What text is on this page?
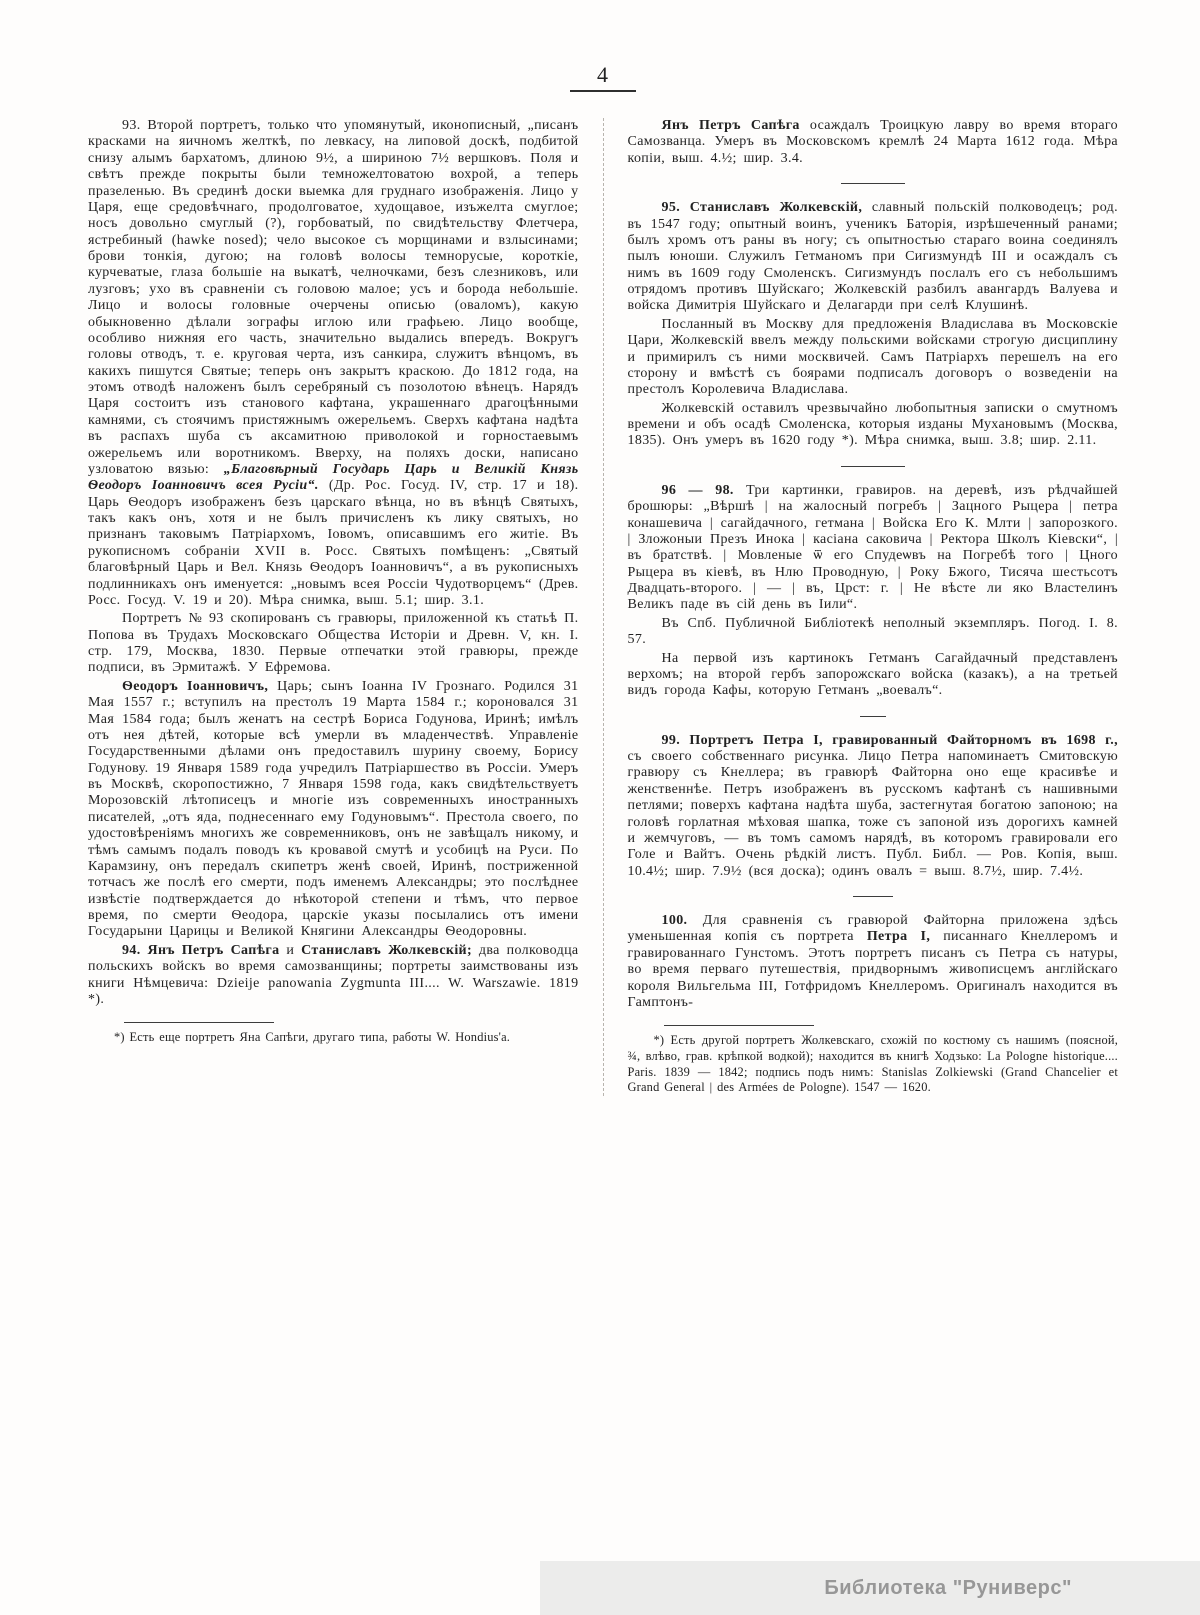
4

93. Второй портретъ, только что упомянутый, иконописный, „писанъ красками на яичномъ желткѣ, по левкасу, на липовой доскѣ, подбитой снизу алымъ бархатомъ, длиною 9½, а шириною 7½ вершковъ. Поля и свѣтъ прежде покрыты были темножелтоватою вохрой, а теперь празеленью. Въ срединѣ доски выемка для груднаго изображенія. Лицо у Царя, еще средовѣчнаго, продолговатое, худощавое, изъжелта смуглое; носъ довольно смуглый (?), горбоватый, по свидѣтельству Флетчера, ястребиный (hawke nosed); чело высокое съ морщинами и взлысинами; брови тонкія, дугою; на головѣ волосы темнорусые, короткіе, курчеватые, глаза большіе на выкатѣ, челночками, безъ слезниковъ, или лузговъ; ухо въ сравненіи съ головою малое; усъ и борода небольшіе. Лицо и волосы головные очерчены описью (оваломъ), какую обыкновенно дѣлали зографы иглою или графьею. Лицо вообще, особливо нижняя его часть, значительно выдались впередъ. Вокругъ головы отводъ, т. е. круговая черта, изъ санкира, служитъ вѣнцомъ, въ какихъ пишутся Святые; теперь онъ закрытъ краскою. До 1812 года, на этомъ отводѣ наложенъ былъ серебряный съ позолотою вѣнецъ. Нарядъ Царя состоитъ изъ станового кафтана, украшеннаго драгоцѣнными камнями, съ стоячимъ пристяжнымъ ожерельемъ. Сверхъ кафтана надѣта въ распахъ шуба съ аксамитною приволокой и горностаевымъ ожерельемъ или воротникомъ. Вверху, на поляхъ доски, написано узловатою вязью: „Благовѣрный Государь Царь и Великій Князь Ѳеодоръ Іоанновичъ всея Русіи“. (Др. Рос. Госуд. IV, стр. 17 и 18). Царь Ѳеодоръ изображенъ безъ царскаго вѣнца, но въ вѣнцѣ Святыхъ, такъ какъ онъ, хотя и не былъ причисленъ къ лику святыхъ, но признанъ таковымъ Патріархомъ, Іовомъ, описавшимъ его житіе. Въ рукописномъ собраніи XVII в. Росс. Святыхъ помѣщенъ: „Святый благовѣрный Царь и Вел. Князь Ѳеодоръ Іоанновичъ“, а въ рукописныхъ подлинникахъ онъ именуется: „новымъ всея Россіи Чудотворцемъ“ (Древ. Росс. Госуд. V. 19 и 20). Мѣра снимка, выш. 5.1; шир. 3.1.

Портретъ № 93 скопированъ съ гравюры, приложенной къ статьѣ П. Попова въ Трудахъ Московскаго Общества Исторіи и Древн. V, кн. I. стр. 179, Москва, 1830. Первые отпечатки этой гравюры, прежде подписи, въ Эрмитажѣ. У Ефремова.

Ѳеодоръ Іоанновичъ, Царь; сынъ Іоанна IV Грознаго. Родился 31 Мая 1557 г.; вступилъ на престолъ 19 Марта 1584 г.; короновался 31 Мая 1584 года; былъ женатъ на сестрѣ Бориса Годунова, Иринѣ; имѣлъ отъ нея дѣтей, которые всѣ умерли въ младенчествѣ. Управленіе Государственными дѣлами онъ предоставилъ шурину своему, Борису Годунову. 19 Января 1589 года учредилъ Патріаршество въ Россіи. Умеръ въ Москвѣ, скоропостижно, 7 Января 1598 года, какъ свидѣтельствуетъ Морозовскій лѣтописецъ и многіе изъ современныхъ иностранныхъ писателей, „отъ яда, поднесеннаго ему Годуновымъ“. Престола своего, по удостовѣреніямъ многихъ же современниковъ, онъ не завѣщалъ никому, и тѣмъ самымъ подалъ поводъ къ кровавой смутѣ и усобицѣ на Руси. По Карамзину, онъ передалъ скипетръ женѣ своей, Иринѣ, постриженной тотчасъ же послѣ его смерти, подъ именемъ Александры; это послѣднее извѣстіе подтверждается до нѣкоторой степени и тѣмъ, что первое время, по смерти Ѳеодора, царскіе указы посылались отъ имени Государыни Царицы и Великой Княгини Александры Ѳеодоровны.

94. Янъ Петръ Сапѣга и Станиславъ Жолкевскій; два полководца польскихъ войскъ во время самозванщины; портреты заимствованы изъ книги Нѣмцевича: Dzieije panowania Zygmunta III.... W. Warszawie. 1819 *).

*) Есть еще портретъ Яна Сапѣги, другаго типа, работы W. Hondius'a.

Янъ Петръ Сапѣга осаждалъ Троицкую лавру во время втораго Самозванца. Умеръ въ Московскомъ кремлѣ 24 Марта 1612 года. Мѣра копіи, выш. 4.½; шир. 3.4.

95. Станиславъ Жолкевскій, славный польскій полководецъ; род. въ 1547 году; опытный воинъ, ученикъ Баторія, изрѣшеченный ранами; былъ хромъ отъ раны въ ногу; съ опытностью стараго воина соединялъ пылъ юноши. Служилъ Гетманомъ при Сигизмундѣ III и осаждалъ съ нимъ въ 1609 году Смоленскъ. Сигизмундъ послалъ его съ небольшимъ отрядомъ противъ Шуйскаго; Жолкевскій разбилъ авангардъ Валуева и войска Димитрія Шуйскаго и Делагарди при селѣ Клушинѣ.

Посланный въ Москву для предложенія Владислава въ Московскіе Цари, Жолкевскій ввелъ между польскими войсками строгую дисциплину и примирилъ съ ними москвичей. Самъ Патріархъ перешелъ на его сторону и вмѣстѣ съ боярами подписалъ договоръ о возведеніи на престолъ Королевича Владислава.

Жолкевскій оставилъ чрезвычайно любопытныя записки о смутномъ времени и объ осадѣ Смоленска, которыя изданы Мухановымъ (Москва, 1835). Онъ умеръ въ 1620 году *). Мѣра снимка, выш. 3.8; шир. 2.11.

96 — 98. Три картинки, гравиров. на деревѣ, изъ рѣдчайшей брошюры: „Вѣршѣ | на жалосный погребъ | Зацного Рыцера | петра конашевича | сагайдачного, гетмана | Войска Его К. Млти | запорозкого. | Зложоныи Презъ Инока | касіана саковича | Ректора Школъ Кіевски“, | въ братствѣ. | Мовленые ѿ его Спудеѡвъ на Погребѣ того | Цного Рыцера въ кіевѣ, въ Нлю Проводную, | Року Бжого, Тисяча шестьсотъ Двадцать-второго. | — | въ, Црст: г. | Не вѣсте ли яко Властелинъ Великъ паде въ сій день въ Іили“.

Въ Спб. Публичной Библіотекѣ неполный экземпляръ. Погод. I. 8. 57.

На первой изъ картинокъ Гетманъ Сагайдачный представленъ верхомъ; на второй гербъ запорожскаго войска (казакъ), а на третьей видъ города Кафы, которую Гетманъ „воевалъ“.

99. Портретъ Петра I, гравированный Файторномъ въ 1698 г., съ своего собственнаго рисунка. Лицо Петра напоминаетъ Смитовскую гравюру съ Кнеллера; въ гравюрѣ Файторна оно еще красивѣе и женственнѣе. Петръ изображенъ въ русскомъ кафтанѣ съ нашивными петлями; поверхъ кафтана надѣта шуба, застегнутая богатою запоною; на головѣ горлатная мѣховая шапка, тоже съ запоной изъ дорогихъ камней и жемчуговъ, — въ томъ самомъ нарядѣ, въ которомъ гравировали его Голе и Вайтъ. Очень рѣдкій листъ. Публ. Библ. — Ров. Копія, выш. 10.4½; шир. 7.9½ (вся доска); одинъ овалъ = выш. 8.7½, шир. 7.4½.

100. Для сравненія съ гравюрой Файторна приложена здѣсь уменьшенная копія съ портрета Петра I, писаннаго Кнеллеромъ и гравированнаго Гунстомъ. Этотъ портретъ писанъ съ Петра съ натуры, во время перваго путешествія, придворнымъ живописцемъ англійскаго короля Вильгельма III, Готфридомъ Кнеллеромъ. Оригиналъ находится въ Гамптонъ-

*) Есть другой портретъ Жолкевскаго, схожій по костюму съ нашимъ (поясной, ¾, влѣво, грав. крѣпкой водкой); находится въ книгѣ Ходзько: La Pologne historique.... Paris. 1839 — 1842; подпись подъ нимъ: Stanislas Zolkiewski (Grand Chancelier et Grand General | des Armées de Pologne). 1547 — 1620.

Библиотека "Руниверс"
